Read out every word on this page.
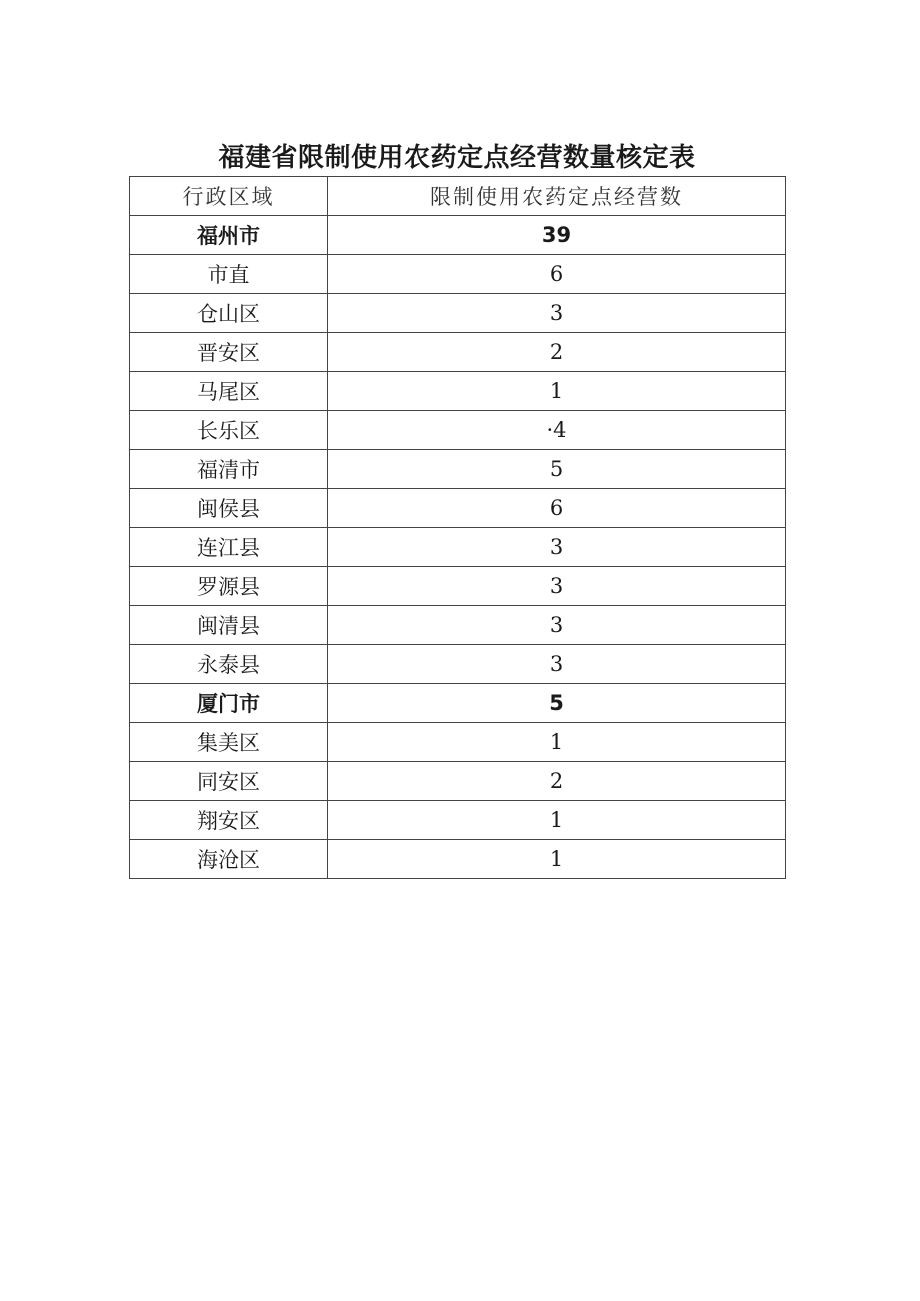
福建省限制使用农药定点经营数量核定表
行政区域	限制使用农药定点经营数
福州市	39
市直	6
仓山区	3
晋安区	2
马尾区	1
长乐区	·4
福清市	5
闽侯县	6
连江县	3
罗源县	3
闽清县	3
永泰县	3
厦门市	5
集美区	1
同安区	2
翔安区	1
海沧区	1
